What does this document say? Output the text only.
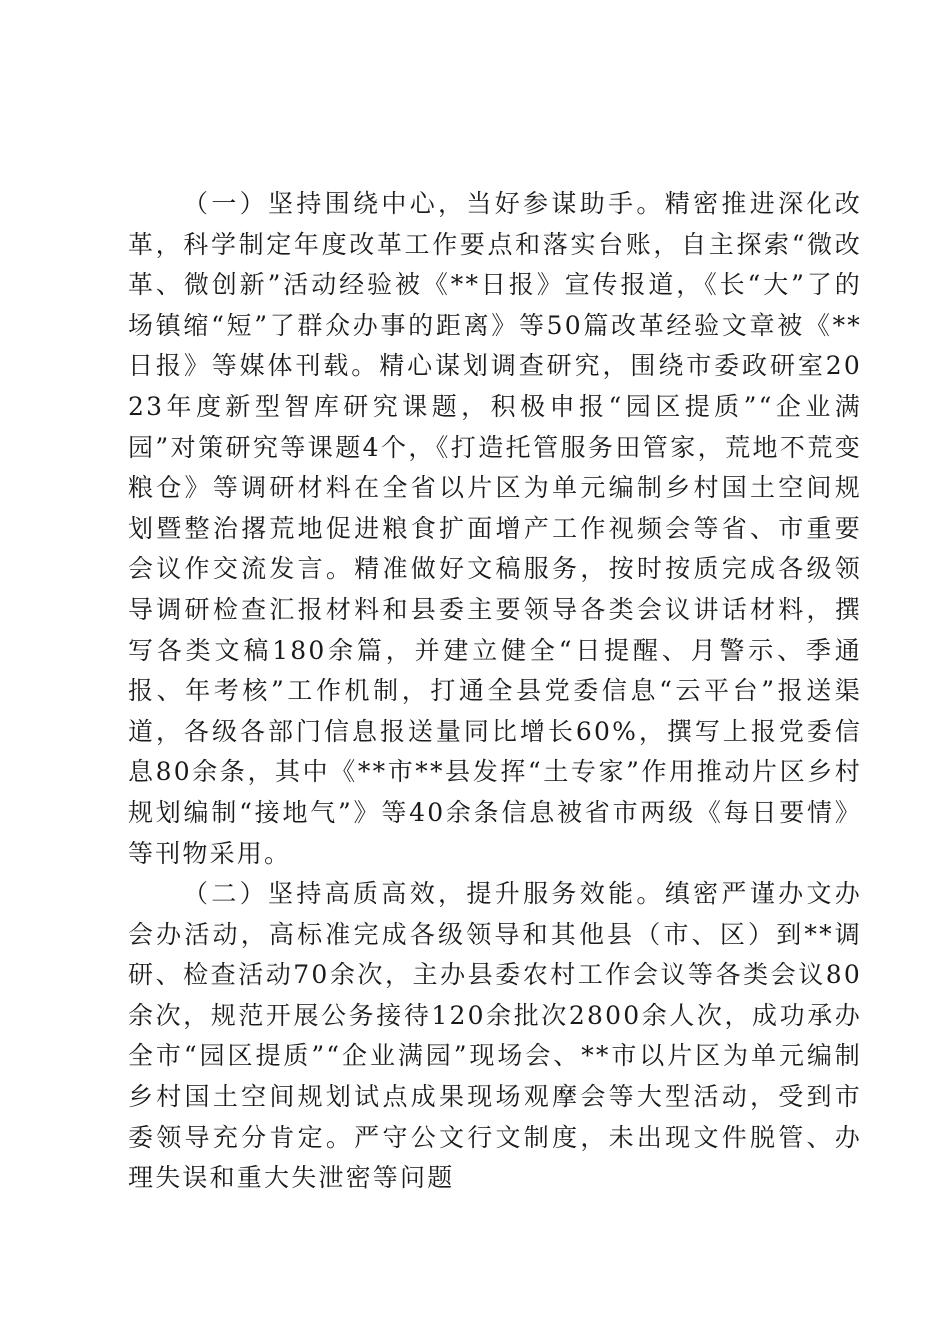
（一）坚持围绕中心，当好参谋助手。精密推进深化改革，科学制定年度改革工作要点和落实台账，自主探索“微改革、微创新”活动经验被《**日报》宣传报道，《长“大”了的场镇缩“短”了群众办事的距离》等50篇改革经验文章被《**日报》等媒体刊载。精心谋划调查研究，围绕市委政研室2023年度新型智库研究课题，积极申报“园区提质”“企业满园”对策研究等课题4个，《打造托管服务田管家，荒地不荒变粮仓》等调研材料在全省以片区为单元编制乡村国土空间规划暨整治撂荒地促进粮食扩面增产工作视频会等省、市重要会议作交流发言。精准做好文稿服务，按时按质完成各级领导调研检查汇报材料和县委主要领导各类会议讲话材料，撰写各类文稿180余篇，并建立健全“日提醒、月警示、季通报、年考核”工作机制，打通全县党委信息“云平台”报送渠道，各级各部门信息报送量同比增长60%，撰写上报党委信息80余条，其中《**市**县发挥“土专家”作用推动片区乡村规划编制“接地气”》等40余条信息被省市两级《每日要情》等刊物采用。

（二）坚持高质高效，提升服务效能。缜密严谨办文办会办活动，高标准完成各级领导和其他县（市、区）到**调研、检查活动70余次，主办县委农村工作会议等各类会议80余次，规范开展公务接待120余批次2800余人次，成功承办全市“园区提质”“企业满园”现场会、**市以片区为单元编制乡村国土空间规划试点成果现场观摩会等大型活动，受到市委领导充分肯定。严守公文行文制度，未出现文件脱管、办理失误和重大失泄密等问题
